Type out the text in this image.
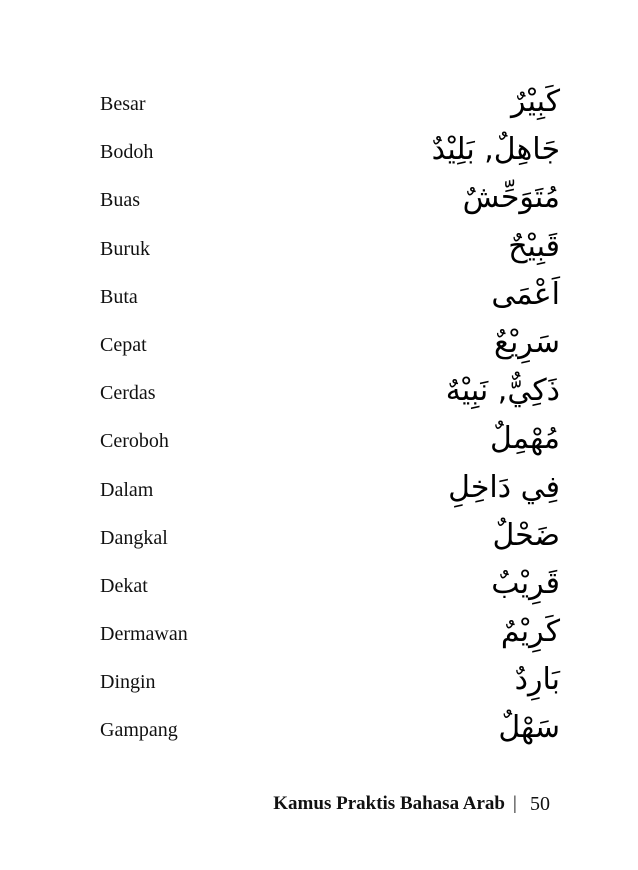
Besar	كَبِيْرٌ
Bodoh	جَاهِلٌ, بَلِيْدٌ
Buas	مُتَوَحِّشٌ
Buruk	قَبِيْحٌ
Buta	اَعْمَى
Cepat	سَرِيْعٌ
Cerdas	ذَكِيٌّ, نَبِيْهٌ
Ceroboh	مُهْمِلٌ
Dalam	فِي دَاخِلِ
Dangkal	ضَحْلٌ
Dekat	قَرِيْبٌ
Dermawan	كَرِيْمٌ
Dingin	بَارِدٌ
Gampang	سَهْلٌ
Kamus Praktis Bahasa Arab | 50
